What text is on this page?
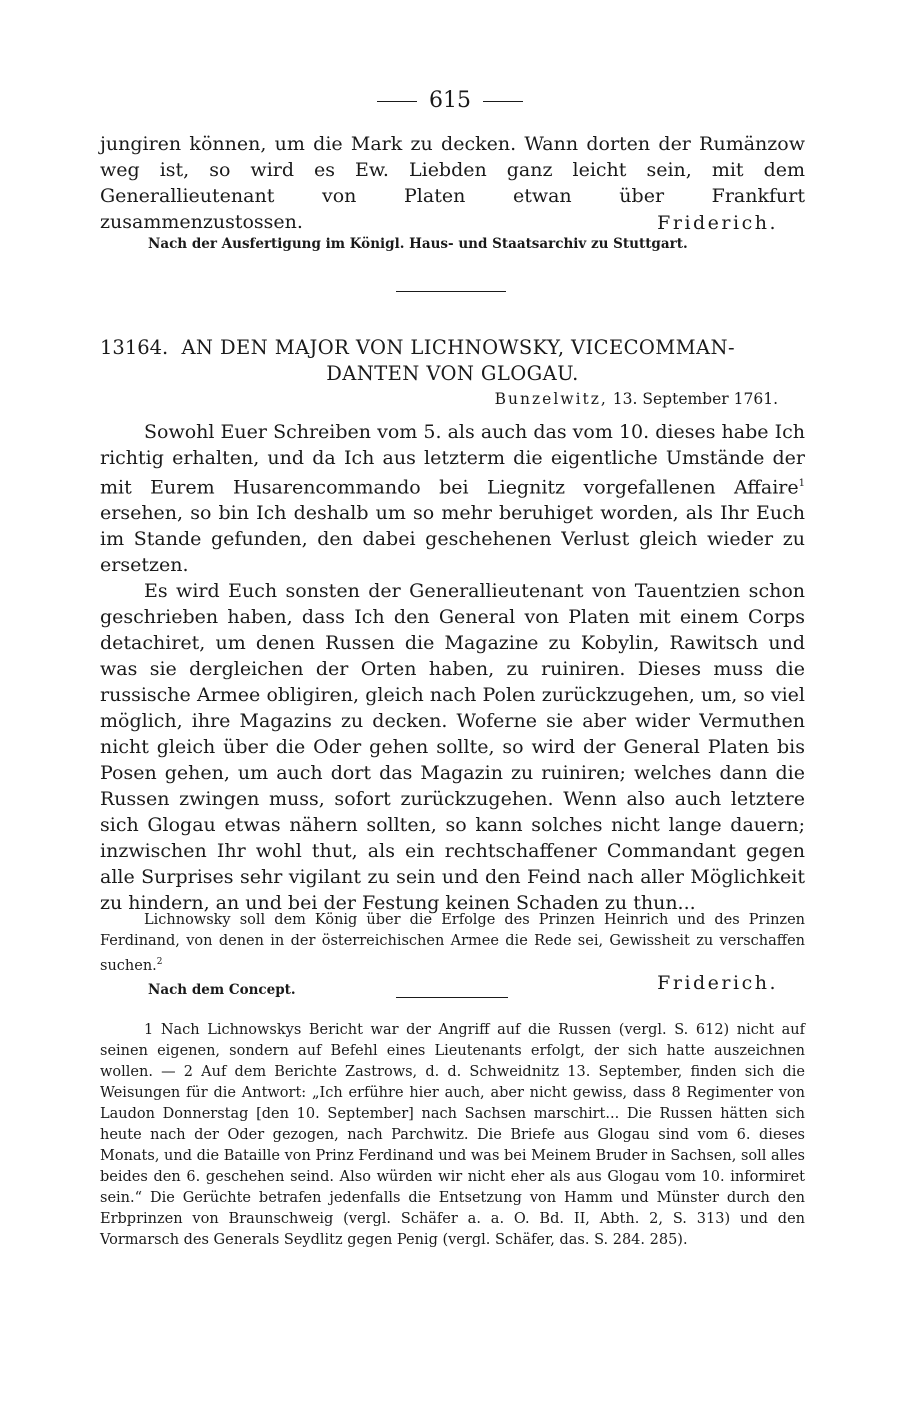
615

jungiren können, um die Mark zu decken. Wann dorten der Rumänzow weg ist, so wird es Ew. Liebden ganz leicht sein, mit dem Generallieutenant von Platen etwan über Frankfurt zusammenzustossen.	Friderich.
Nach der Ausfertigung im Königl. Haus- und Staatsarchiv zu Stuttgart.
13164. AN DEN MAJOR VON LICHNOWSKY, VICECOMMAN-
DANTEN VON GLOGAU.
Bunzelwitz, 13. September 1761.

Sowohl Euer Schreiben vom 5. als auch das vom 10. dieses habe Ich richtig erhalten, und da Ich aus letzterm die eigentliche Umstände der mit Eurem Husarencommando bei Liegnitz vorgefallenen Affaire$^1$ ersehen, so bin Ich deshalb um so mehr beruhiget worden, als Ihr Euch im Stande gefunden, den dabei geschehenen Verlust gleich wieder zu ersetzen.

Es wird Euch sonsten der Generallieutenant von Tauentzien schon geschrieben haben, dass Ich den General von Platen mit einem Corps detachiret, um denen Russen die Magazine zu Kobylin, Rawitsch und was sie dergleichen der Orten haben, zu ruiniren. Dieses muss die russische Armee obligiren, gleich nach Polen zurückzugehen, um, so viel möglich, ihre Magazins zu decken. Woferne sie aber wider Vermuthen nicht gleich über die Oder gehen sollte, so wird der General Platen bis Posen gehen, um auch dort das Magazin zu ruiniren; welches dann die Russen zwingen muss, sofort zurückzugehen. Wenn also auch letztere sich Glogau etwas nähern sollten, so kann solches nicht lange dauern; inzwischen Ihr wohl thut, als ein rechtschaffener Commandant gegen alle Surprises sehr vigilant zu sein und den Feind nach aller Möglichkeit zu hindern, an und bei der Festung keinen Schaden zu thun...

Lichnowsky soll dem König über die Erfolge des Prinzen Heinrich und des Prinzen Ferdinand, von denen in der österreichischen Armee die Rede sei, Gewissheit zu verschaffen suchen.$^2$

Nach dem Concept.	Friderich.

1 Nach Lichnowskys Bericht war der Angriff auf die Russen (vergl. S. 612) nicht auf seinen eigenen, sondern auf Befehl eines Lieutenants erfolgt, der sich hatte auszeichnen wollen. — 2 Auf dem Berichte Zastrows, d. d. Schweidnitz 13. September, finden sich die Weisungen für die Antwort: „Ich erführe hier auch, aber nicht gewiss, dass 8 Regimenter von Laudon Donnerstag [den 10. September] nach Sachsen marschirt... Die Russen hätten sich heute nach der Oder gezogen, nach Parchwitz. Die Briefe aus Glogau sind vom 6. dieses Monats, und die Bataille von Prinz Ferdinand und was bei Meinem Bruder in Sachsen, soll alles beides den 6. geschehen seind. Also würden wir nicht eher als aus Glogau vom 10. informiret sein.“ Die Gerüchte betrafen jedenfalls die Entsetzung von Hamm und Münster durch den Erbprinzen von Braunschweig (vergl. Schäfer a. a. O. Bd. II, Abth. 2, S. 313) und den Vormarsch des Generals Seydlitz gegen Penig (vergl. Schäfer, das. S. 284. 285).
